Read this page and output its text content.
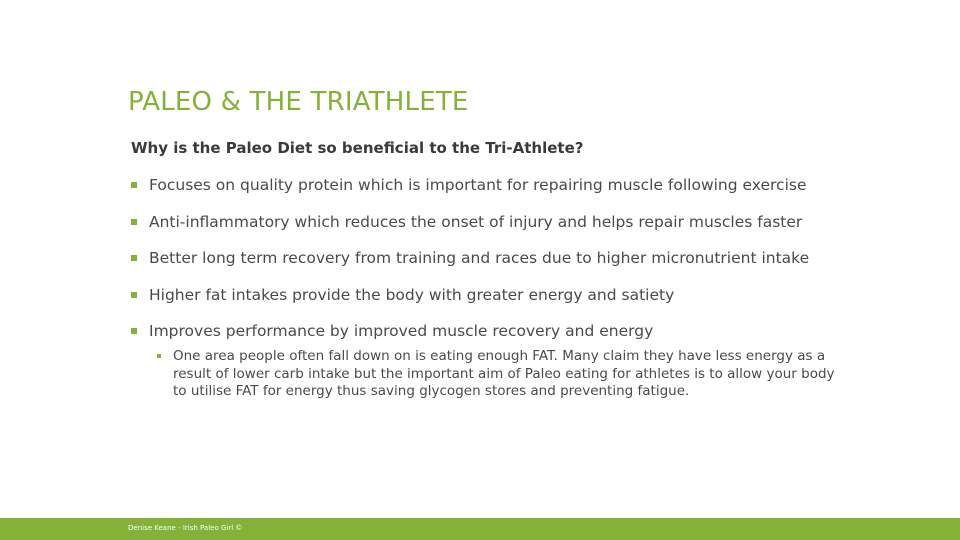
PALEO & THE TRIATHLETE
Why is the Paleo Diet so beneficial to the Tri-Athlete?
Focuses on quality protein which is important for repairing muscle following exercise
Anti-inflammatory which reduces the onset of injury and helps repair muscles faster
Better long term recovery from training and races due to higher micronutrient intake
Higher fat intakes provide the body with greater energy and satiety
Improves performance by improved muscle recovery and energy
One area people often fall down on is eating enough FAT. Many claim they have less energy as a result of lower carb intake but the important aim of Paleo eating for athletes is to allow your body to utilise FAT for energy thus saving glycogen stores and preventing fatigue.
Denise Keane - Irish Paleo Girl ©
